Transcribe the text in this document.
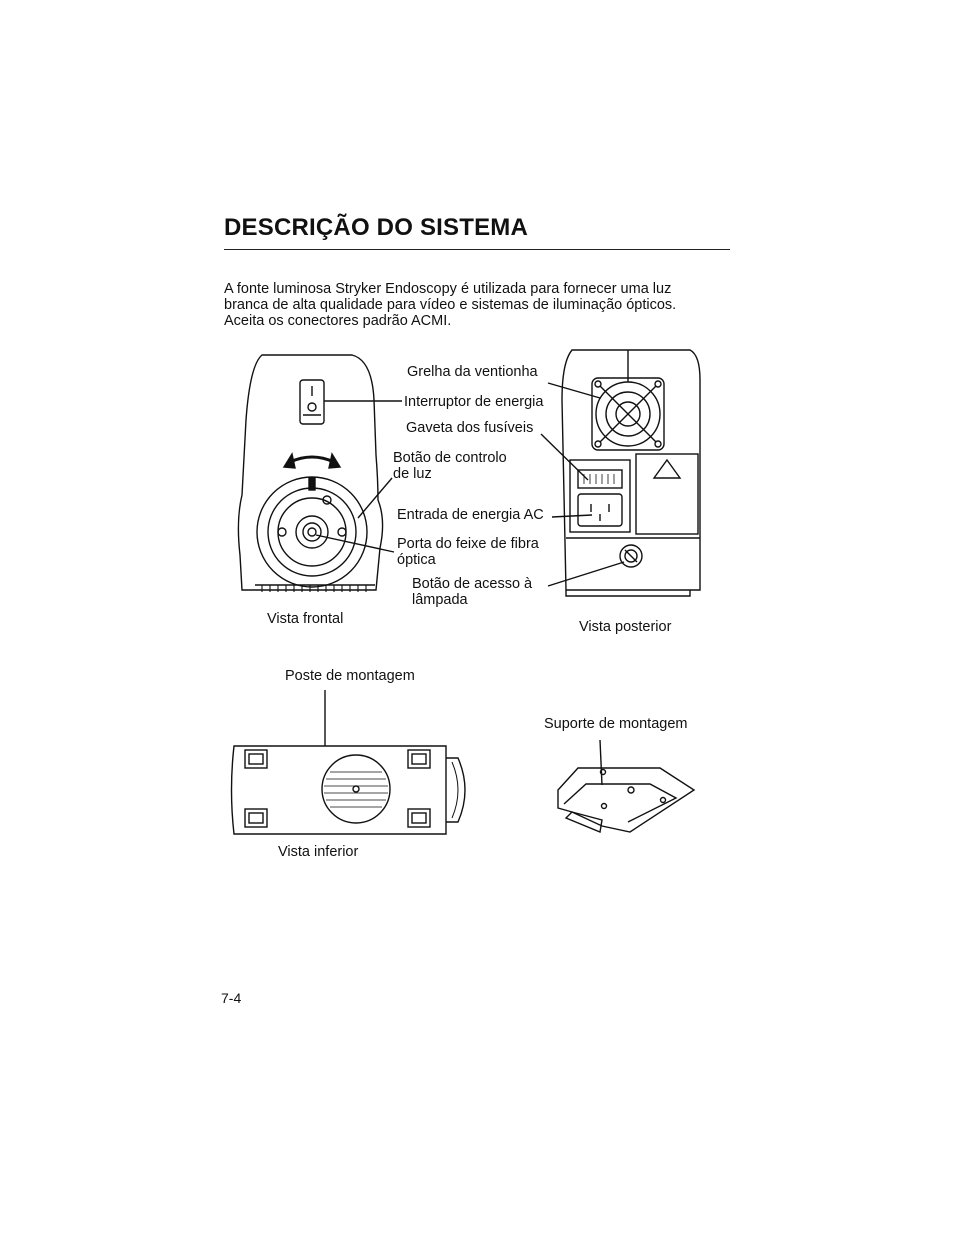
DESCRIÇÃO DO SISTEMA

A fonte luminosa Stryker Endoscopy é utilizada para fornecer uma luz
branca de alta qualidade para vídeo e sistemas de iluminação ópticos.
Aceita os conectores padrão ACMI.

Grelha da ventionha
Interruptor de energia
Gaveta dos fusíveis
Botão de controlo
de luz
Entrada de energia AC
Porta do feixe de fibra
óptica
Botão de acesso à
lâmpada
Vista frontal	Vista posterior
Poste de montagem
Suporte de montagem
Vista inferior
7-4
